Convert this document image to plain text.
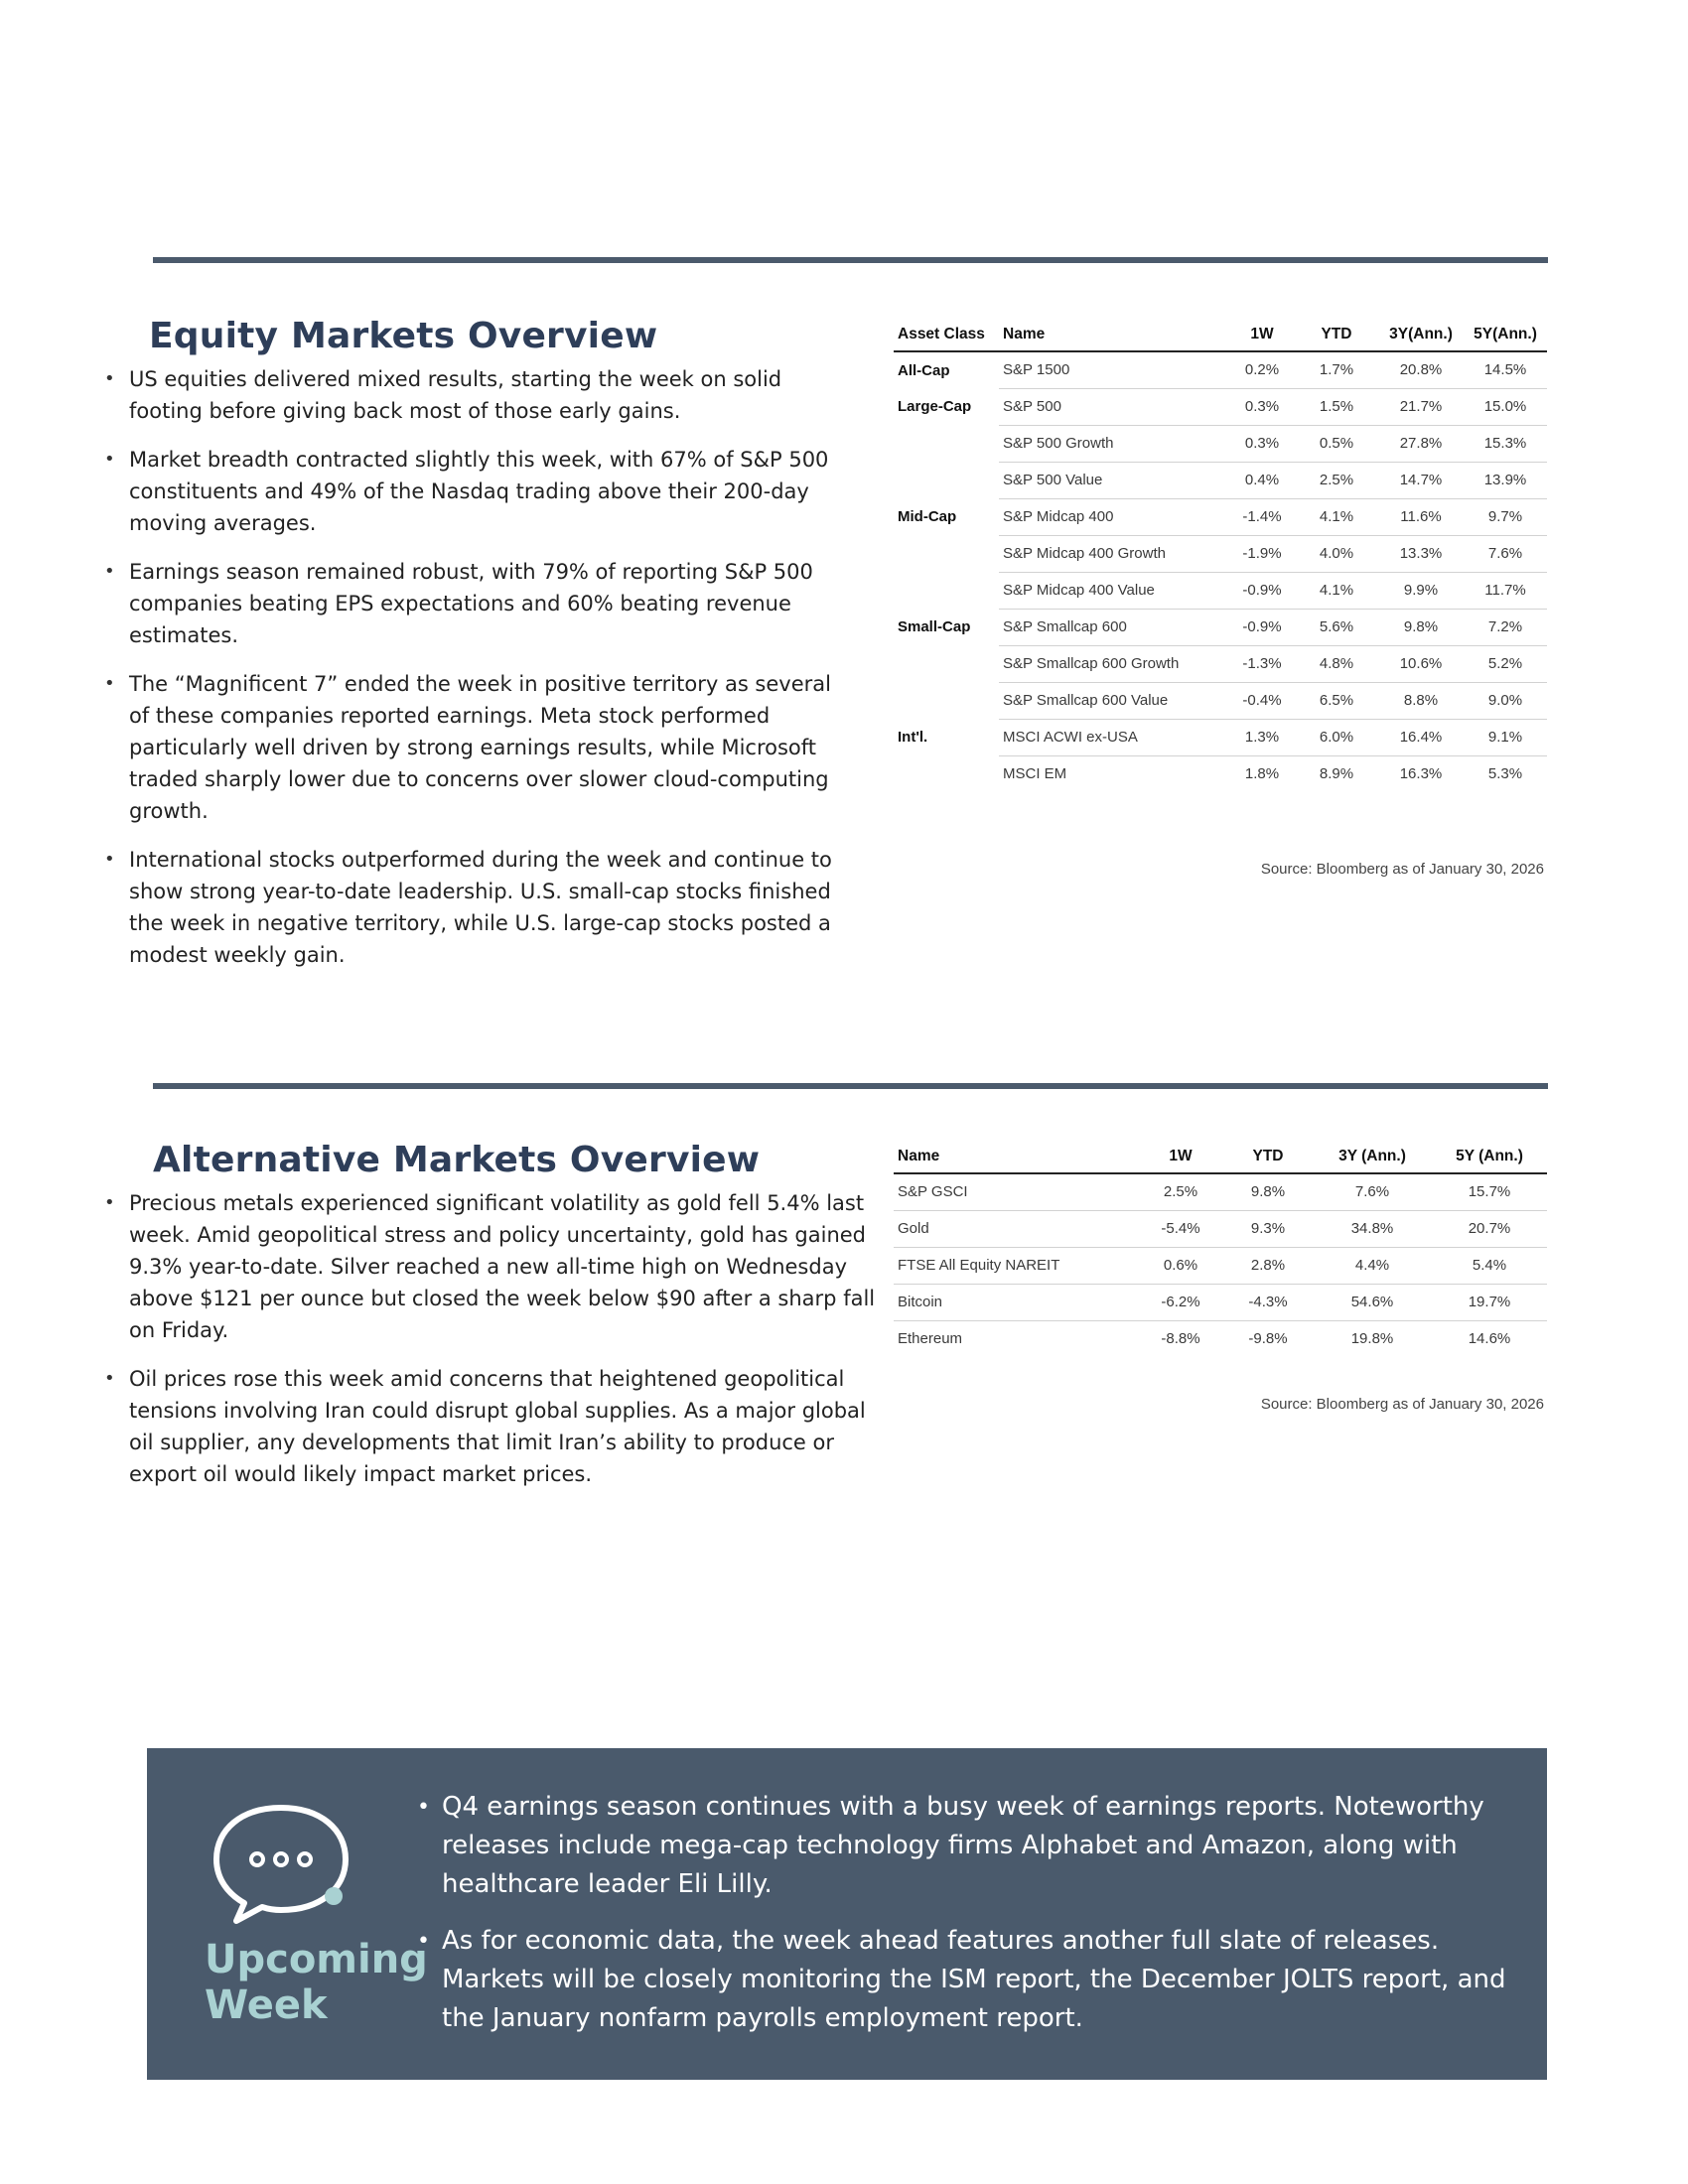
Equity Markets Overview
• US equities delivered mixed results, starting the week on solid footing before giving back most of those early gains.
• Market breadth contracted slightly this week, with 67% of S&P 500 constituents and 49% of the Nasdaq trading above their 200-day moving averages.
• Earnings season remained robust, with 79% of reporting S&P 500 companies beating EPS expectations and 60% beating revenue estimates.
• The “Magnificent 7” ended the week in positive territory as several of these companies reported earnings. Meta stock performed particularly well driven by strong earnings results, while Microsoft traded sharply lower due to concerns over slower cloud-computing growth.
• International stocks outperformed during the week and continue to show strong year-to-date leadership. U.S. small-cap stocks finished the week in negative territory, while U.S. large-cap stocks posted a modest weekly gain.
Asset Class	Name	1W	YTD	3Y(Ann.)	5Y(Ann.)
All-Cap	S&P 1500	0.2%	1.7%	20.8%	14.5%
Large-Cap	S&P 500	0.3%	1.5%	21.7%	15.0%
	S&P 500 Growth	0.3%	0.5%	27.8%	15.3%
	S&P 500 Value	0.4%	2.5%	14.7%	13.9%
Mid-Cap	S&P Midcap 400	-1.4%	4.1%	11.6%	9.7%
	S&P Midcap 400 Growth	-1.9%	4.0%	13.3%	7.6%
	S&P Midcap 400 Value	-0.9%	4.1%	9.9%	11.7%
Small-Cap	S&P Smallcap 600	-0.9%	5.6%	9.8%	7.2%
	S&P Smallcap 600 Growth	-1.3%	4.8%	10.6%	5.2%
	S&P Smallcap 600 Value	-0.4%	6.5%	8.8%	9.0%
Int'l.	MSCI ACWI ex-USA	1.3%	6.0%	16.4%	9.1%
	MSCI EM	1.8%	8.9%	16.3%	5.3%
Source: Bloomberg as of January 30, 2026
Alternative Markets Overview
• Precious metals experienced significant volatility as gold fell 5.4% last week. Amid geopolitical stress and policy uncertainty, gold has gained 9.3% year-to-date. Silver reached a new all-time high on Wednesday above $121 per ounce but closed the week below $90 after a sharp fall on Friday.
• Oil prices rose this week amid concerns that heightened geopolitical tensions involving Iran could disrupt global supplies. As a major global oil supplier, any developments that limit Iran’s ability to produce or export oil would likely impact market prices.
Name	1W	YTD	3Y (Ann.)	5Y (Ann.)
S&P GSCI	2.5%	9.8%	7.6%	15.7%
Gold	-5.4%	9.3%	34.8%	20.7%
FTSE All Equity NAREIT	0.6%	2.8%	4.4%	5.4%
Bitcoin	-6.2%	-4.3%	54.6%	19.7%
Ethereum	-8.8%	-9.8%	19.8%	14.6%
Source: Bloomberg as of January 30, 2026
Upcoming
Week
• Q4 earnings season continues with a busy week of earnings reports. Noteworthy releases include mega-cap technology firms Alphabet and Amazon, along with healthcare leader Eli Lilly.
• As for economic data, the week ahead features another full slate of releases. Markets will be closely monitoring the ISM report, the December JOLTS report, and the January nonfarm payrolls employment report.
